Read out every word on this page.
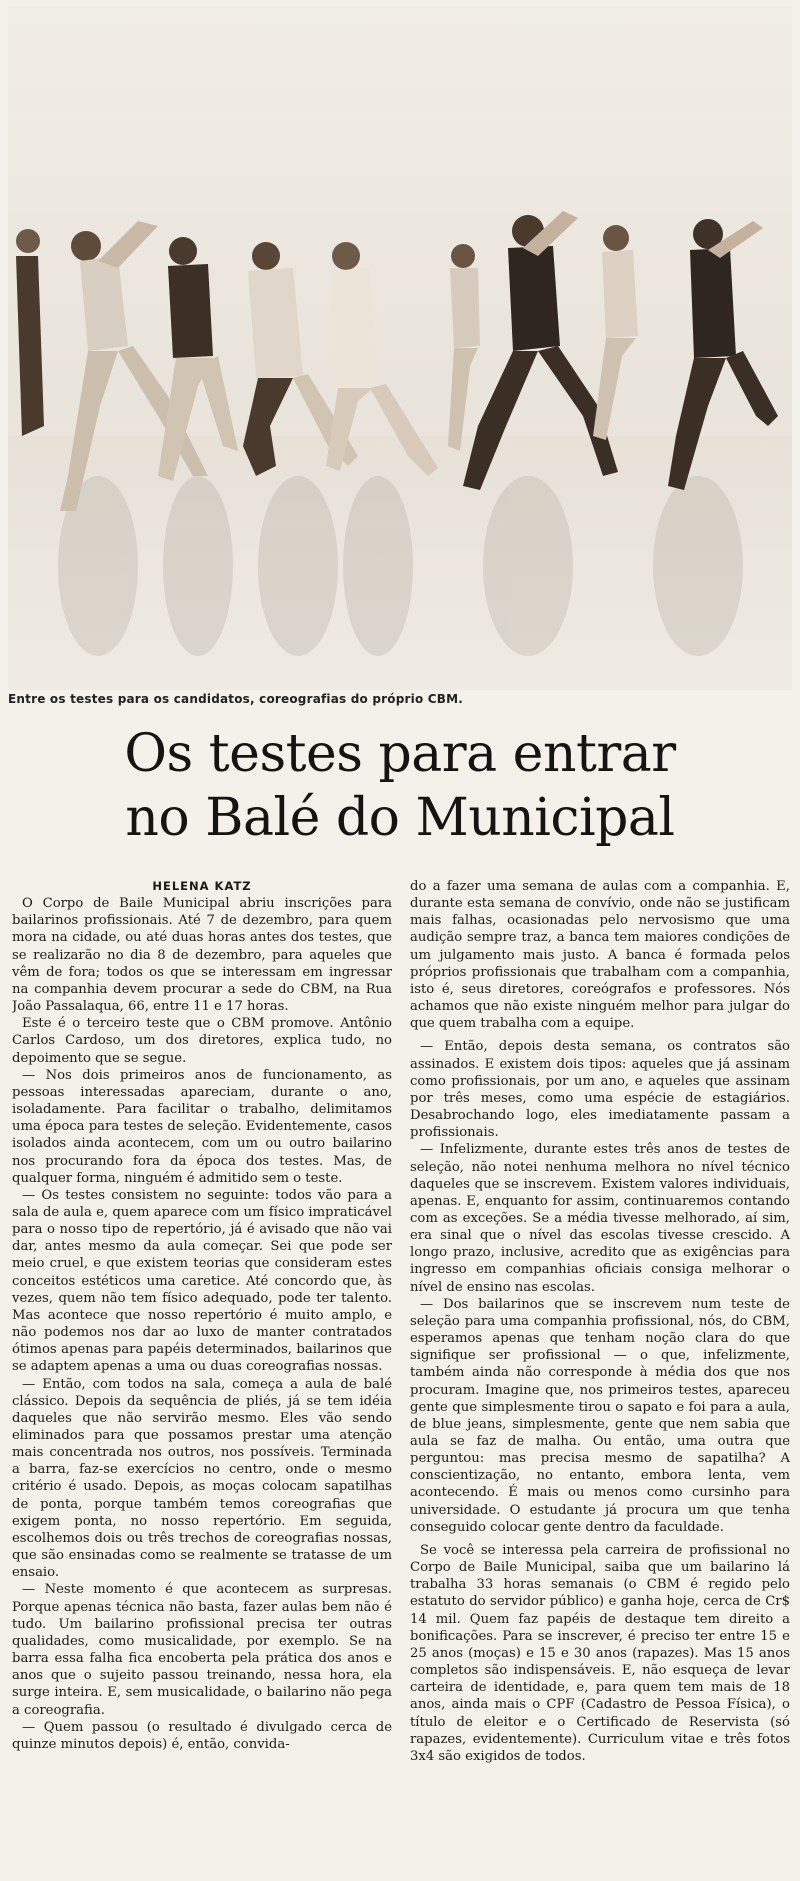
Entre os testes para os candidatos, coreografias do próprio CBM.
Os testes para entrar
no Balé do Municipal

HELENA KATZ

O Corpo de Baile Municipal abriu inscrições para bailarinos profissionais. Até 7 de dezembro, para quem mora na cidade, ou até duas horas antes dos testes, que se realizarão no dia 8 de dezembro, para aqueles que vêm de fora; todos os que se interessam em ingressar na companhia devem procurar a sede do CBM, na Rua João Passalaqua, 66, entre 11 e 17 horas.

Este é o terceiro teste que o CBM promove. Antônio Carlos Cardoso, um dos diretores, explica tudo, no depoimento que se segue.

— Nos dois primeiros anos de funcionamento, as pessoas interessadas apareciam, durante o ano, isoladamente. Para facilitar o trabalho, delimitamos uma época para testes de seleção. Evidentemente, casos isolados ainda acontecem, com um ou outro bailarino nos procurando fora da época dos testes. Mas, de qualquer forma, ninguém é admitido sem o teste.

— Os testes consistem no seguinte: todos vão para a sala de aula e, quem aparece com um físico impraticável para o nosso tipo de repertório, já é avisado que não vai dar, antes mesmo da aula começar. Sei que pode ser meio cruel, e que existem teorias que consideram estes conceitos estéticos uma caretice. Até concordo que, às vezes, quem não tem físico adequado, pode ter talento. Mas acontece que nosso repertório é muito amplo, e não podemos nos dar ao luxo de manter contratados ótimos apenas para papéis determinados, bailarinos que se adaptem apenas a uma ou duas coreografias nossas.

— Então, com todos na sala, começa a aula de balé clássico. Depois da sequência de pliés, já se tem idéia daqueles que não servirão mesmo. Eles vão sendo eliminados para que possamos prestar uma atenção mais concentrada nos outros, nos possíveis. Terminada a barra, faz-se exercícios no centro, onde o mesmo critério é usado. Depois, as moças colocam sapatilhas de ponta, porque também temos coreografias que exigem ponta, no nosso repertório. Em seguida, escolhemos dois ou três trechos de coreografias nossas, que são ensinadas como se realmente se tratasse de um ensaio.

— Neste momento é que acontecem as surpresas. Porque apenas técnica não basta, fazer aulas bem não é tudo. Um bailarino profissional precisa ter outras qualidades, como musicalidade, por exemplo. Se na barra essa falha fica encoberta pela prática dos anos e anos que o sujeito passou treinando, nessa hora, ela surge inteira. E, sem musicalidade, o bailarino não pega a coreografia.

— Quem passou (o resultado é divulgado cerca de quinze minutos depois) é, então, convida-

do a fazer uma semana de aulas com a companhia. E, durante esta semana de convívio, onde não se justificam mais falhas, ocasionadas pelo nervosismo que uma audição sempre traz, a banca tem maiores condições de um julgamento mais justo. A banca é formada pelos próprios profissionais que trabalham com a companhia, isto é, seus diretores, coreógrafos e professores. Nós achamos que não existe ninguém melhor para julgar do que quem trabalha com a equipe.

— Então, depois desta semana, os contratos são assinados. E existem dois tipos: aqueles que já assinam como profissionais, por um ano, e aqueles que assinam por três meses, como uma espécie de estagiários. Desabrochando logo, eles imediatamente passam a profissionais.

— Infelizmente, durante estes três anos de testes de seleção, não notei nenhuma melhora no nível técnico daqueles que se inscrevem. Existem valores individuais, apenas. E, enquanto for assim, continuaremos contando com as exceções. Se a média tivesse melhorado, aí sim, era sinal que o nível das escolas tivesse crescido. A longo prazo, inclusive, acredito que as exigências para ingresso em companhias oficiais consiga melhorar o nível de ensino nas escolas.

— Dos bailarinos que se inscrevem num teste de seleção para uma companhia profissional, nós, do CBM, esperamos apenas que tenham noção clara do que signifique ser profissional — o que, infelizmente, também ainda não corresponde à média dos que nos procuram. Imagine que, nos primeiros testes, apareceu gente que simplesmente tirou o sapato e foi para a aula, de blue jeans, simplesmente, gente que nem sabia que aula se faz de malha. Ou então, uma outra que perguntou: mas precisa mesmo de sapatilha? A conscientização, no entanto, embora lenta, vem acontecendo. É mais ou menos como cursinho para universidade. O estudante já procura um que tenha conseguido colocar gente dentro da faculdade.

Se você se interessa pela carreira de profissional no Corpo de Baile Municipal, saiba que um bailarino lá trabalha 33 horas semanais (o CBM é regido pelo estatuto do servidor público) e ganha hoje, cerca de Cr$ 14 mil. Quem faz papéis de destaque tem direito a bonificações. Para se inscrever, é preciso ter entre 15 e 25 anos (moças) e 15 e 30 anos (rapazes). Mas 15 anos completos são indispensáveis. E, não esqueça de levar carteira de identidade, e, para quem tem mais de 18 anos, ainda mais o CPF (Cadastro de Pessoa Física), o título de eleitor e o Certificado de Reservista (só rapazes, evidentemente). Curriculum vitae e três fotos 3x4 são exigidos de todos.
